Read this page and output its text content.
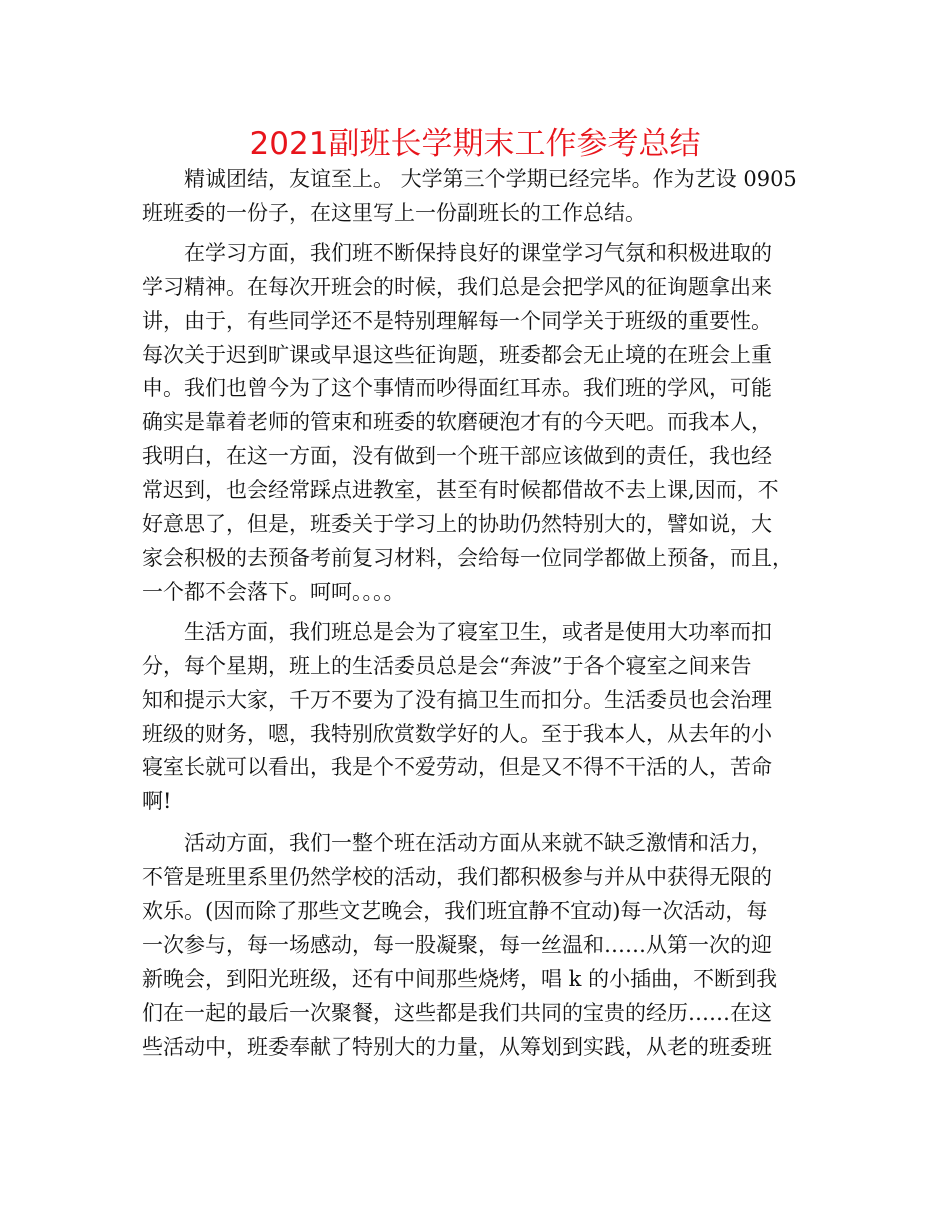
2021副班长学期末工作参考总结
精诚团结，友谊至上。 大学第三个学期已经完毕。作为艺设 0905
班班委的一份子，在这里写上一份副班长的工作总结。
在学习方面，我们班不断保持良好的课堂学习气氛和积极进取的
学习精神。在每次开班会的时候，我们总是会把学风的征询题拿出来
讲，由于，有些同学还不是特别理解每一个同学关于班级的重要性。
每次关于迟到旷课或早退这些征询题，班委都会无止境的在班会上重
申。我们也曾今为了这个事情而吵得面红耳赤。我们班的学风，可能
确实是靠着老师的管束和班委的软磨硬泡才有的今天吧。而我本人，
我明白，在这一方面，没有做到一个班干部应该做到的责任，我也经
常迟到，也会经常踩点进教室，甚至有时候都借故不去上课,因而，不
好意思了，但是，班委关于学习上的协助仍然特别大的，譬如说，大
家会积极的去预备考前复习材料，会给每一位同学都做上预备，而且，
一个都不会落下。呵呵。。。。
生活方面，我们班总是会为了寝室卫生，或者是使用大功率而扣
分，每个星期，班上的生活委员总是会“奔波”于各个寝室之间来告
知和提示大家，千万不要为了没有搞卫生而扣分。生活委员也会治理
班级的财务，嗯，我特别欣赏数学好的人。至于我本人，从去年的小
寝室长就可以看出，我是个不爱劳动，但是又不得不干活的人，苦命
啊!
活动方面，我们一整个班在活动方面从来就不缺乏激情和活力，
不管是班里系里仍然学校的活动，我们都积极参与并从中获得无限的
欢乐。(因而除了那些文艺晚会，我们班宜静不宜动)每一次活动，每
一次参与，每一场感动，每一股凝聚，每一丝温和……从第一次的迎
新晚会，到阳光班级，还有中间那些烧烤，唱 k 的小插曲，不断到我
们在一起的最后一次聚餐，这些都是我们共同的宝贵的经历……在这
些活动中，班委奉献了特别大的力量，从筹划到实践，从老的班委班
